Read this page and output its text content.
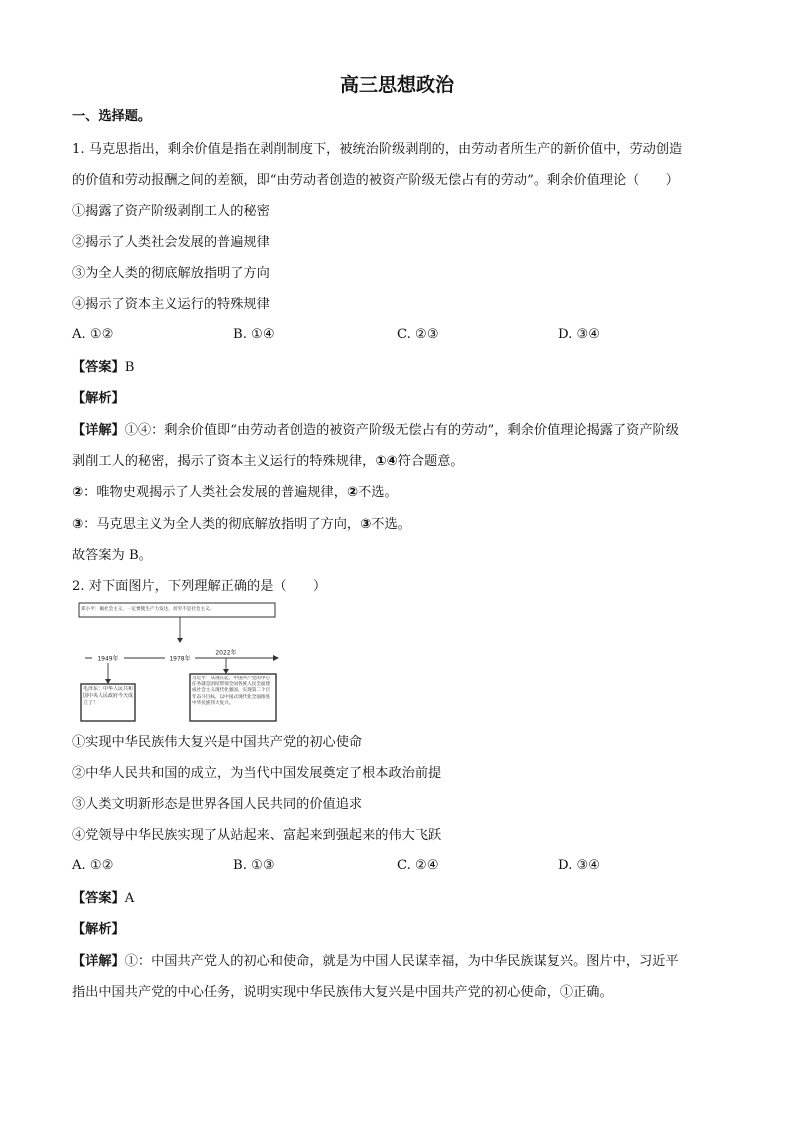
高三思想政治
一、选择题。
1. 马克思指出，剩余价值是指在剥削制度下，被统治阶级剥削的，由劳动者所生产的新价值中，劳动创造
的价值和劳动报酬之间的差额，即“由劳动者创造的被资产阶级无偿占有的劳动”。剩余价值理论（　　）
①揭露了资产阶级剥削工人的秘密
②揭示了人类社会发展的普遍规律
③为全人类的彻底解放指明了方向
④揭示了资本主义运行的特殊规律
A. ①②	B. ①④	C. ②③	D. ③④
【答案】B
【解析】
【详解】①④：剩余价值即“由劳动者创造的被资产阶级无偿占有的劳动”，剩余价值理论揭露了资产阶级
剥削工人的秘密，揭示了资本主义运行的特殊规律，①④符合题意。
②：唯物史观揭示了人类社会发展的普遍规律，②不选。
③：马克思主义为全人类的彻底解放指明了方向，③不选。
故答案为 B。
2. 对下面图片，下列理解正确的是（　　）
邓小平：搞社会主义，一定要使生产力发达，贫穷不是社会主义。
1949年	1978年
2022年
毛泽东：中华人民共和国中央人民政府今天成立了！
习近平：从现在起，中国共产党的中心任务就是团结带领全国各族人民全面建成社会主义现代化强国、实现第二个百年奋斗目标，以中国式现代化全面推进中华民族伟大复兴。
①实现中华民族伟大复兴是中国共产党的初心使命
②中华人民共和国的成立，为当代中国发展奠定了根本政治前提
③人类文明新形态是世界各国人民共同的价值追求
④党领导中华民族实现了从站起来、富起来到强起来的伟大飞跃
A. ①②	B. ①③	C. ②④	D. ③④
【答案】A
【解析】
【详解】①：中国共产党人的初心和使命，就是为中国人民谋幸福，为中华民族谋复兴。图片中，习近平
指出中国共产党的中心任务，说明实现中华民族伟大复兴是中国共产党的初心使命，①正确。
